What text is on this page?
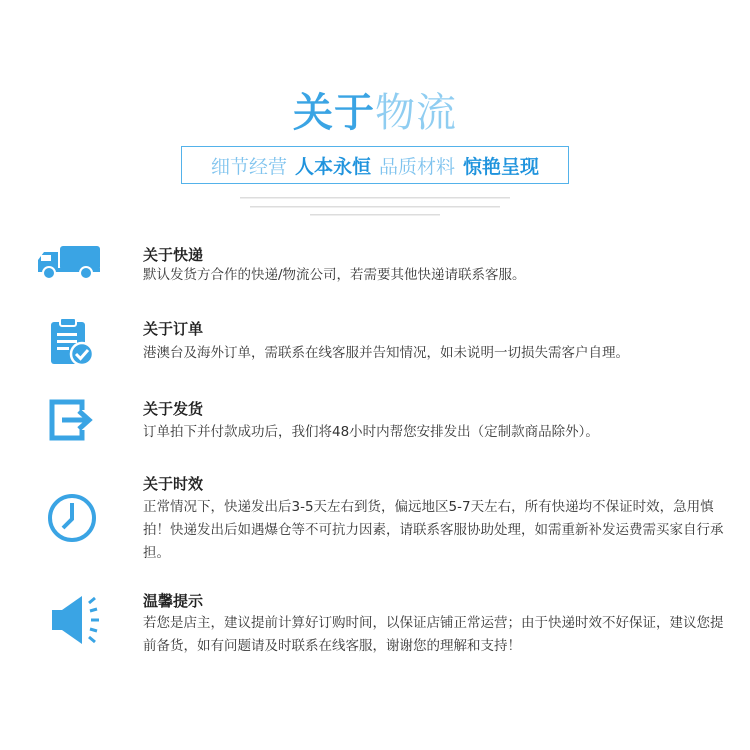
关于物流
细节经营 人本永恒 品质材料 惊艳呈现
关于快递
默认发货方合作的快递/物流公司，若需要其他快递请联系客服。
关于订单
港澳台及海外订单，需联系在线客服并告知情况，如未说明一切损失需客户自理。
关于发货
订单拍下并付款成功后，我们将48小时内帮您安排发出（定制款商品除外）。
关于时效
正常情况下，快递发出后3-5天左右到货，偏远地区5-7天左右，所有快递均不保证时效，急用慎拍！快递发出后如遇爆仓等不可抗力因素，请联系客服协助处理，如需重新补发运费需买家自行承担。
温馨提示
若您是店主，建议提前计算好订购时间，以保证店铺正常运营；由于快递时效不好保证，建议您提前备货，如有问题请及时联系在线客服，谢谢您的理解和支持！
